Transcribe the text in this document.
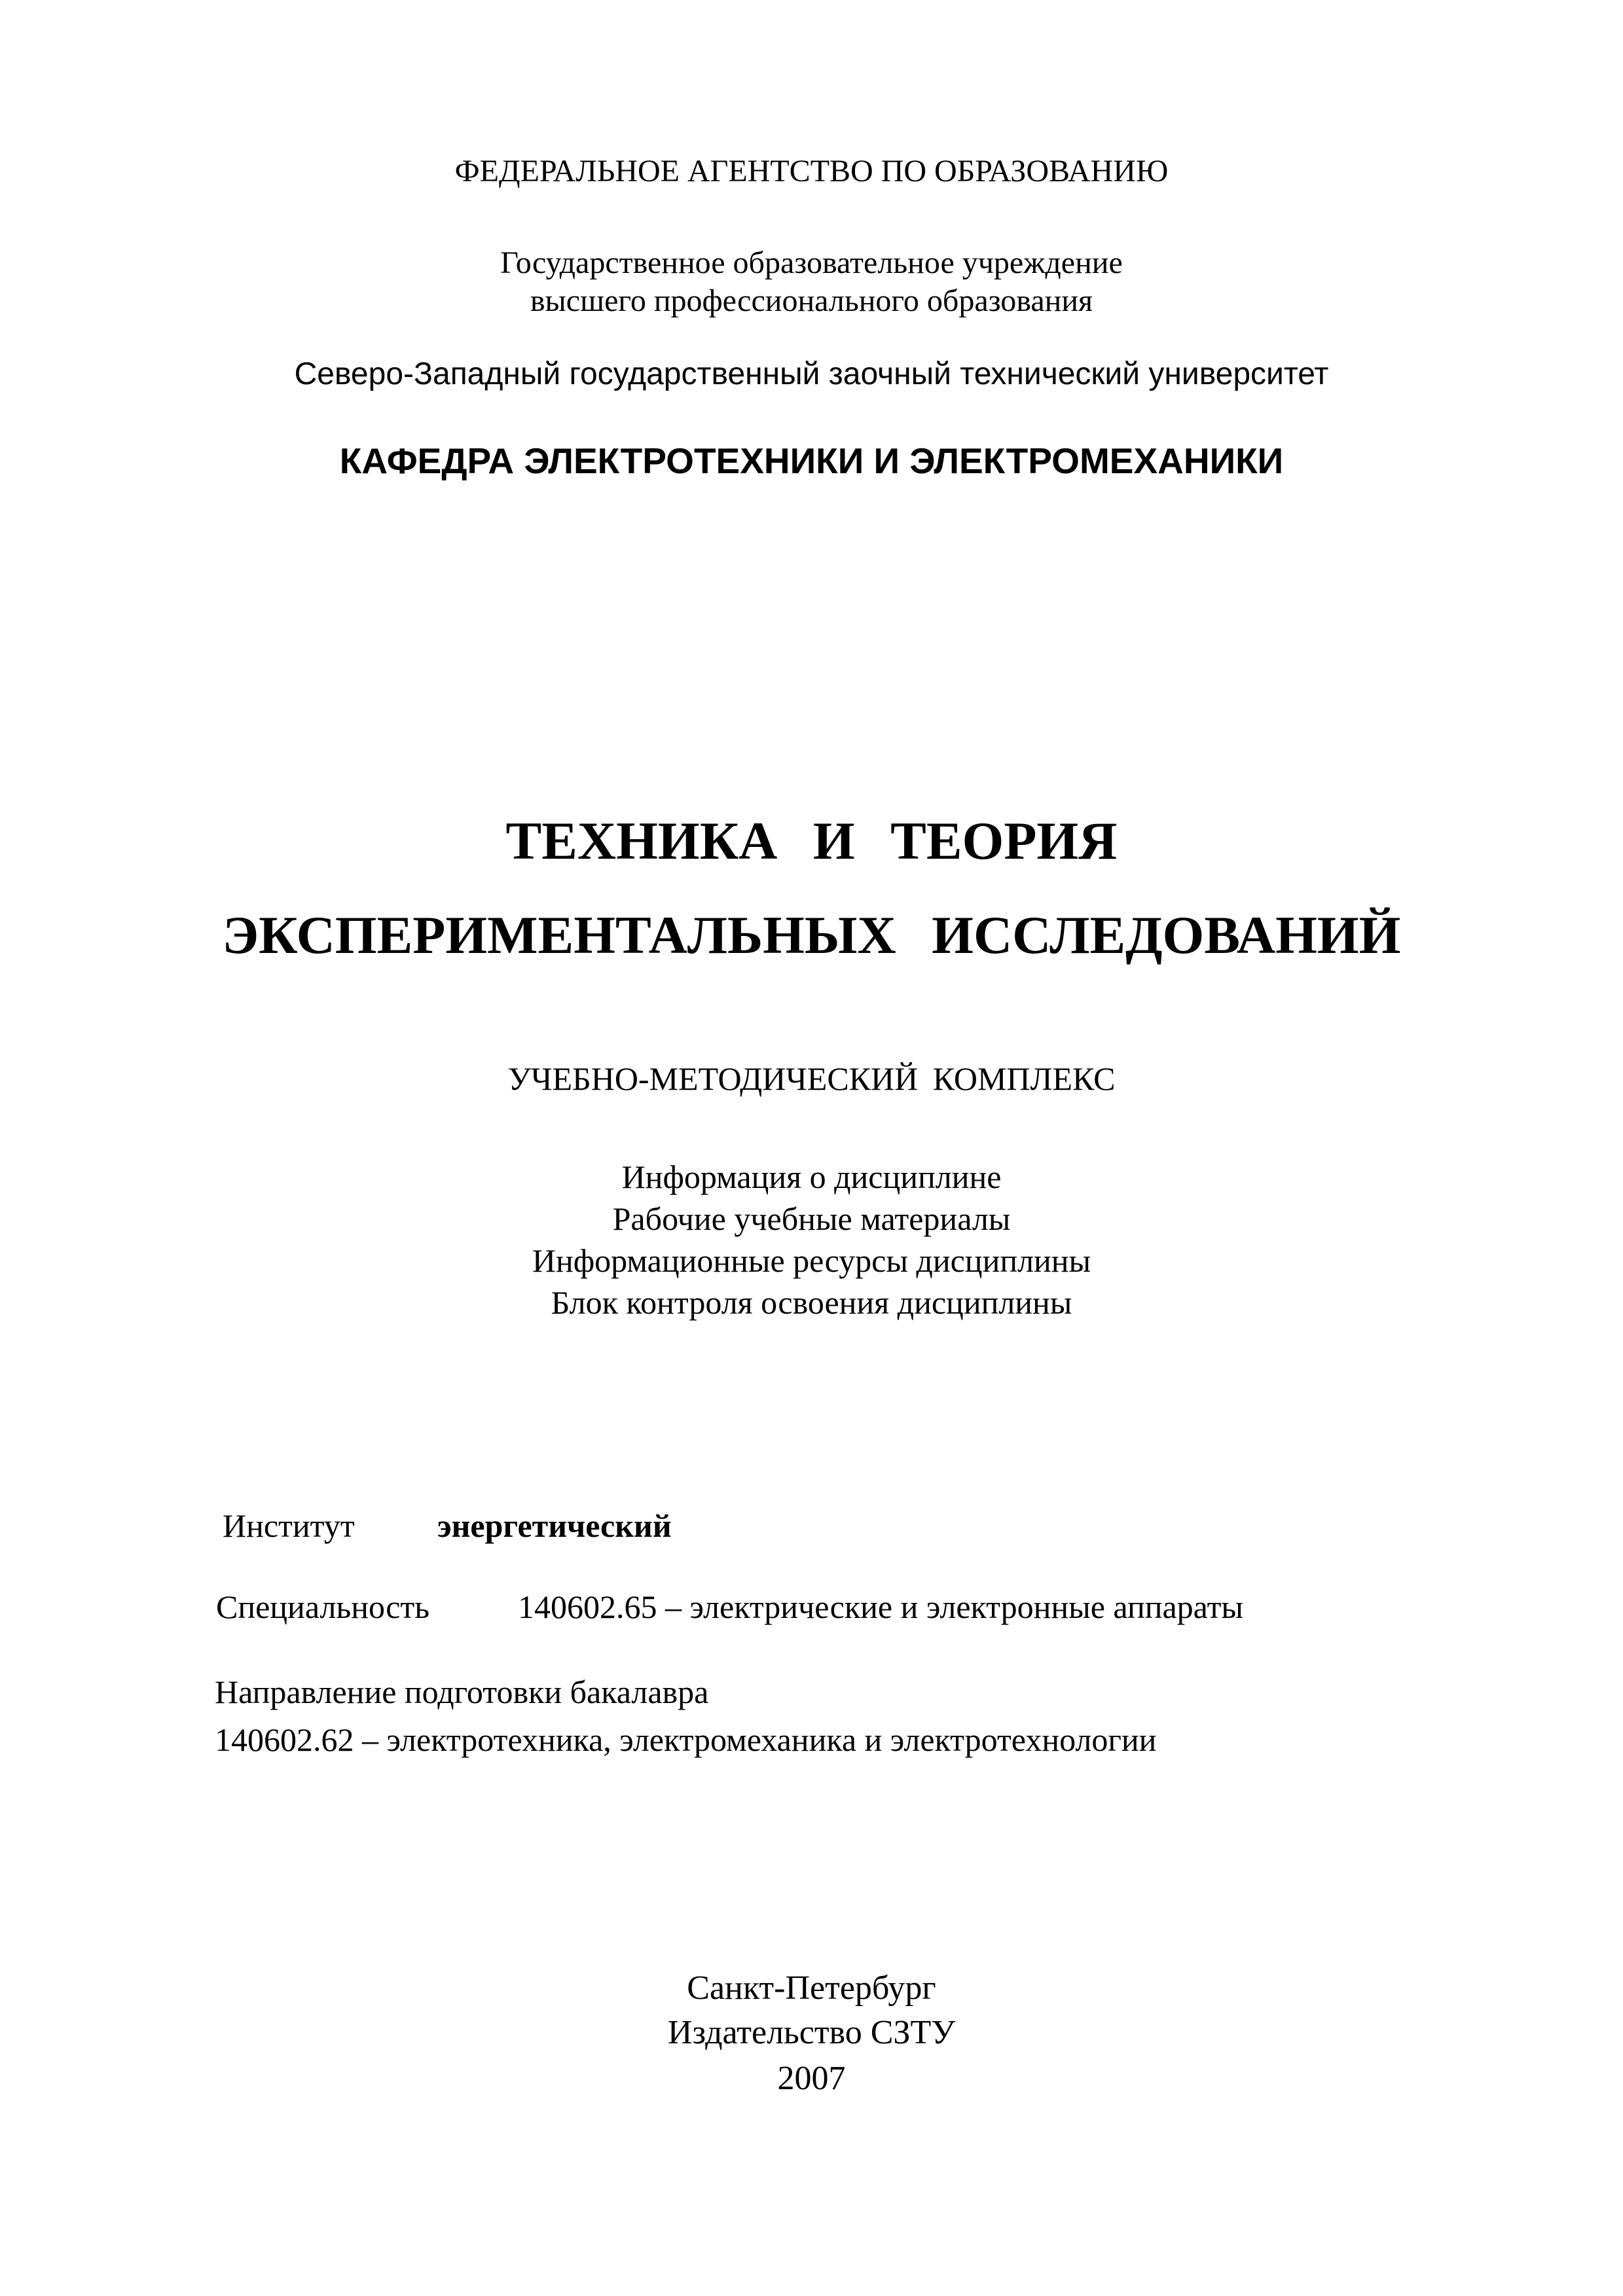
ФЕДЕРАЛЬНОЕ АГЕНТСТВО ПО ОБРАЗОВАНИЮ
Государственное образовательное учреждение
высшего профессионального образования
Северо-Западный государственный заочный технический университет
КАФЕДРА ЭЛЕКТРОТЕХНИКИ И ЭЛЕКТРОМЕХАНИКИ
ТЕХНИКА И ТЕОРИЯ
ЭКСПЕРИМЕНТАЛЬНЫХ ИССЛЕДОВАНИЙ
УЧЕБНО-МЕТОДИЧЕСКИЙ КОМПЛЕКС
Информация о дисциплине
Рабочие учебные материалы
Информационные ресурсы дисциплины
Блок контроля освоения дисциплины
Институт	энергетический
Специальность	140602.65 – электрические и электронные аппараты
Направление подготовки бакалавра
140602.62 – электротехника, электромеханика и электротехнологии
Санкт-Петербург
Издательство СЗТУ
2007
